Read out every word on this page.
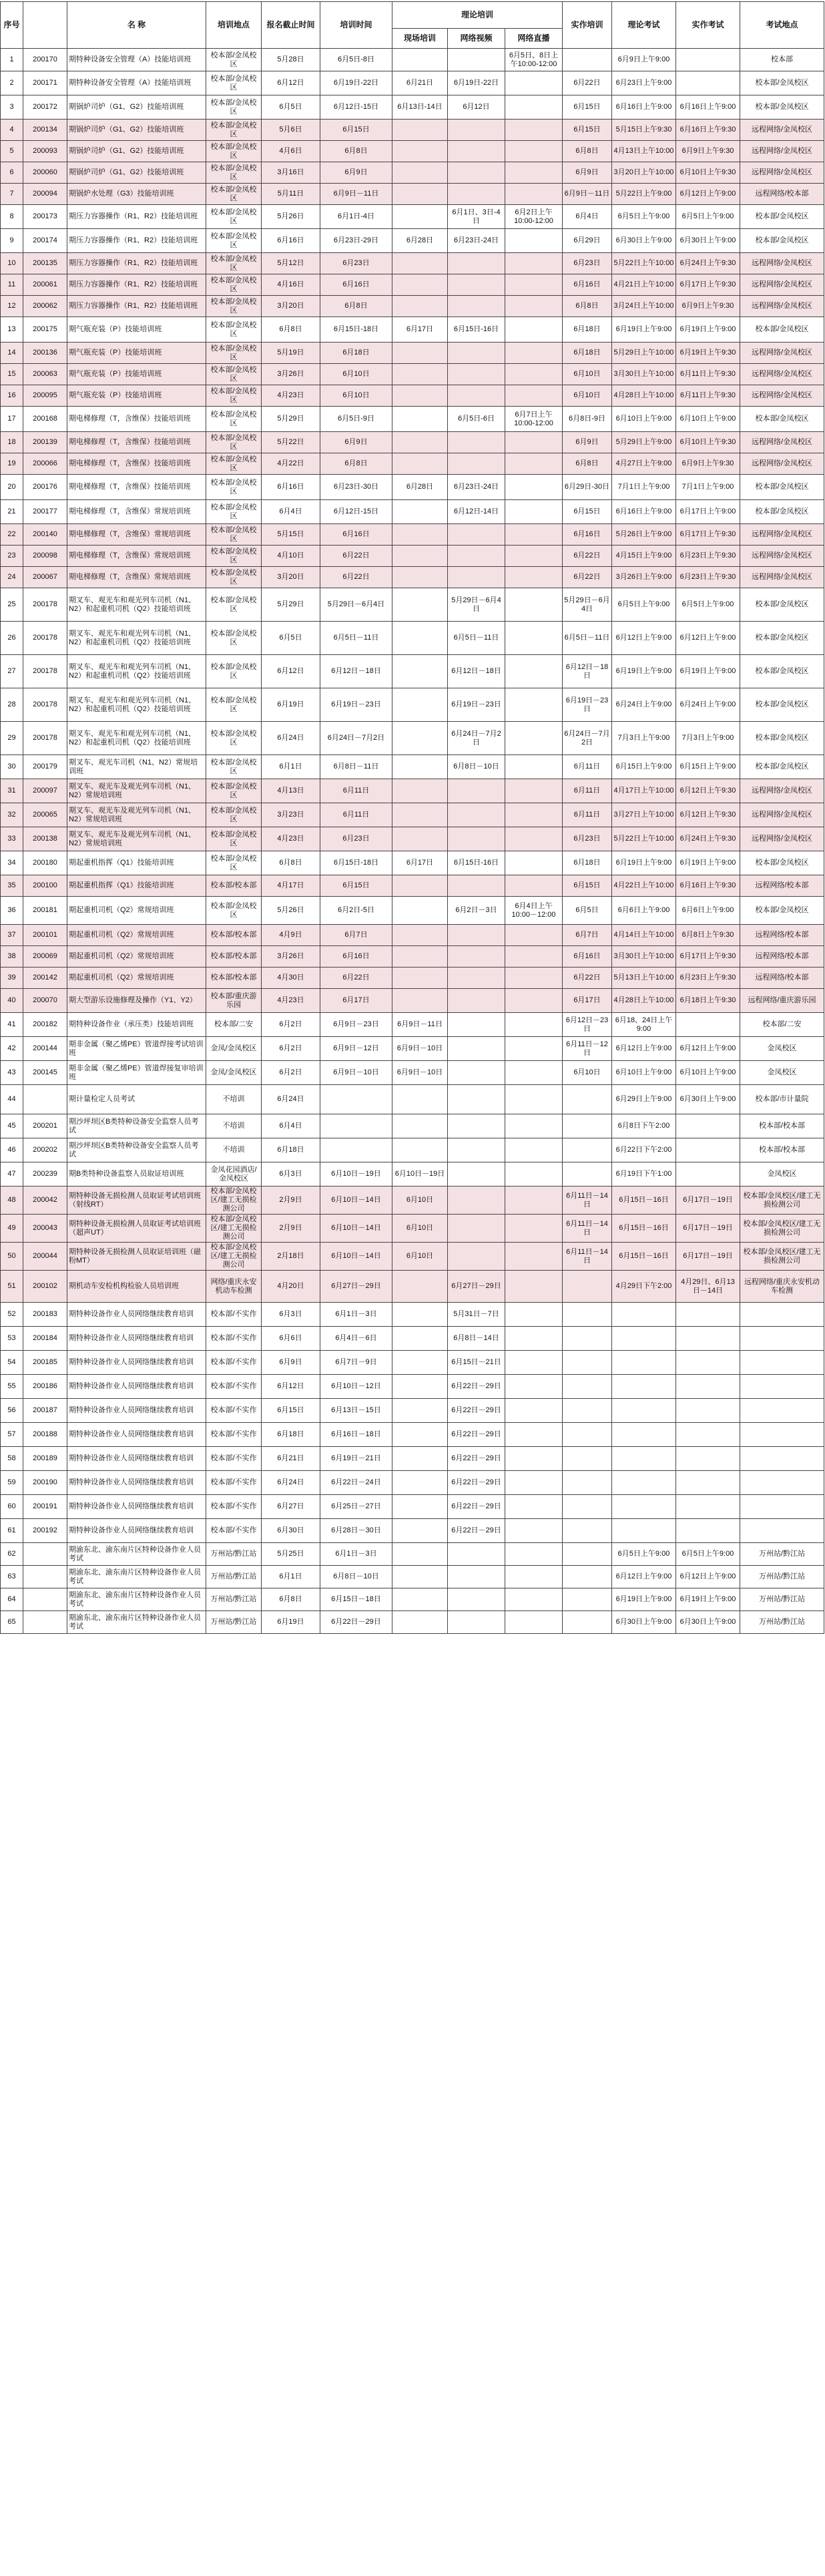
序号		名 称	培训地点	报名截止时间	培训时间	理论培训			实作培训	理论考试	实作考试	考试地点
						现场培训	网络视频	网络直播				
1	200170	期特种设备安全管理（A）技能培训班	校本部/金凤校区	5月28日	6月5日-8日			6月5日、8日上午10:00-12:00		6月9日上午9:00		校本部
2	200171	期特种设备安全管理（A）技能培训班	校本部/金凤校区	6月12日	6月19日-22日	6月21日	6月19日-22日		6月22日	6月23日上午9:00		校本部/金凤校区
3	200172	期锅炉司炉（G1、G2）技能培训班	校本部/金凤校区	6月5日	6月12日-15日	6月13日-14日	6月12日		6月15日	6月16日上午9:00	6月16日上午9:00	校本部/金凤校区
4	200134	期锅炉司炉（G1、G2）技能培训班	校本部/金凤校区	5月6日	6月15日				6月15日	5月15日上午9:30	6月16日上午9:30	远程网络/金凤校区
5	200093	期锅炉司炉（G1、G2）技能培训班	校本部/金凤校区	4月6日	6月8日				6月8日	4月13日上午10:00	6月9日上午9:30	远程网络/金凤校区
6	200060	期锅炉司炉（G1、G2）技能培训班	校本部/金凤校区	3月16日	6月9日				6月9日	3月20日上午10:00	6月10日上午9:30	远程网络/金凤校区
7	200094	期锅炉水处理（G3）技能培训班	校本部/金凤校区	5月11日	6月9日－11日				6月9日－11日	5月22日上午9:00	6月12日上午9:00	远程网络/校本部
8	200173	期压力容器操作（R1、R2）技能培训班	校本部/金凤校区	5月26日	6月1日-4日		6月1日、3日-4日	6月2日上午10:00-12:00	6月4日	6月5日上午9:00	6月5日上午9:00	校本部/金凤校区
9	200174	期压力容器操作（R1、R2）技能培训班	校本部/金凤校区	6月16日	6月23日-29日	6月28日	6月23日-24日		6月29日	6月30日上午9:00	6月30日上午9:00	校本部/金凤校区
10	200135	期压力容器操作（R1、R2）技能培训班	校本部/金凤校区	5月12日	6月23日				6月23日	5月22日上午10:00	6月24日上午9:30	远程网络/金凤校区
11	200061	期压力容器操作（R1、R2）技能培训班	校本部/金凤校区	4月16日	6月16日				6月16日	4月21日上午10:00	6月17日上午9:30	远程网络/金凤校区
12	200062	期压力容器操作（R1、R2）技能培训班	校本部/金凤校区	3月20日	6月8日				6月8日	3月24日上午10:00	6月9日上午9:30	远程网络/金凤校区
13	200175	期气瓶充装（P）技能培训班	校本部/金凤校区	6月8日	6月15日-18日	6月17日	6月15日-16日		6月18日	6月19日上午9:00	6月19日上午9:00	校本部/金凤校区
14	200136	期气瓶充装（P）技能培训班	校本部/金凤校区	5月19日	6月18日				6月18日	5月29日上午10:00	6月19日上午9:30	远程网络/金凤校区
15	200063	期气瓶充装（P）技能培训班	校本部/金凤校区	3月26日	6月10日				6月10日	3月30日上午10:00	6月11日上午9:30	远程网络/金凤校区
16	200095	期气瓶充装（P）技能培训班	校本部/金凤校区	4月23日	6月10日				6月10日	4月28日上午10:00	6月11日上午9:30	远程网络/金凤校区
17	200168	期电梯修理（T，含维保）技能培训班	校本部/金凤校区	5月29日	6月5日-9日		6月5日-6日	6月7日上午10:00-12:00	6月8日-9日	6月10日上午9:00	6月10日上午9:00	校本部/金凤校区
18	200139	期电梯修理（T，含维保）技能培训班	校本部/金凤校区	5月22日	6月9日				6月9日	5月29日上午9:00	6月10日上午9:30	远程网络/金凤校区
19	200066	期电梯修理（T，含维保）技能培训班	校本部/金凤校区	4月22日	6月8日				6月8日	4月27日上午9:00	6月9日上午9:30	远程网络/金凤校区
20	200176	期电梯修理（T，含维保）技能培训班	校本部/金凤校区	6月16日	6月23日-30日	6月28日	6月23日-24日		6月29日-30日	7月1日上午9:00	7月1日上午9:00	校本部/金凤校区
21	200177	期电梯修理（T，含维保）常规培训班	校本部/金凤校区	6月4日	6月12日-15日		6月12日-14日		6月15日	6月16日上午9:00	6月17日上午9:00	校本部/金凤校区
22	200140	期电梯修理（T，含维保）常规培训班	校本部/金凤校区	5月15日	6月16日				6月16日	5月26日上午9:00	6月17日上午9:30	远程网络/金凤校区
23	200098	期电梯修理（T，含维保）常规培训班	校本部/金凤校区	4月10日	6月22日				6月22日	4月15日上午9:00	6月23日上午9:30	远程网络/金凤校区
24	200067	期电梯修理（T，含维保）常规培训班	校本部/金凤校区	3月20日	6月22日				6月22日	3月26日上午9:00	6月23日上午9:30	远程网络/金凤校区
25	200178	期叉车、观光车和观光列车司机（N1、N2）和起重机司机（Q2）技能培训班	校本部/金凤校区	5月29日	5月29日－6月4日		5月29日－6月4日		5月29日－6月4日	6月5日上午9:00	6月5日上午9:00	校本部/金凤校区
26	200178	期叉车、观光车和观光列车司机（N1、N2）和起重机司机（Q2）技能培训班	校本部/金凤校区	6月5日	6月5日－11日		6月5日－11日		6月5日－11日	6月12日上午9:00	6月12日上午9:00	校本部/金凤校区
27	200178	期叉车、观光车和观光列车司机（N1、N2）和起重机司机（Q2）技能培训班	校本部/金凤校区	6月12日	6月12日－18日		6月12日－18日		6月12日－18日	6月19日上午9:00	6月19日上午9:00	校本部/金凤校区
28	200178	期叉车、观光车和观光列车司机（N1、N2）和起重机司机（Q2）技能培训班	校本部/金凤校区	6月19日	6月19日－23日		6月19日－23日		6月19日－23日	6月24日上午9:00	6月24日上午9:00	校本部/金凤校区
29	200178	期叉车、观光车和观光列车司机（N1、N2）和起重机司机（Q2）技能培训班	校本部/金凤校区	6月24日	6月24日－7月2日		6月24日－7月2日		6月24日－7月2日	7月3日上午9:00	7月3日上午9:00	校本部/金凤校区
30	200179	期叉车、观光车司机（N1、N2）常规培训班	校本部/金凤校区	6月1日	6月8日－11日		6月8日－10日		6月11日	6月15日上午9:00	6月15日上午9:00	校本部/金凤校区
31	200097	期叉车、观光车及观光列车司机（N1、N2）常规培训班	校本部/金凤校区	4月13日	6月11日				6月11日	4月17日上午10:00	6月12日上午9:30	远程网络/金凤校区
32	200065	期叉车、观光车及观光列车司机（N1、N2）常规培训班	校本部/金凤校区	3月23日	6月11日				6月11日	3月27日上午10:00	6月12日上午9:30	远程网络/金凤校区
33	200138	期叉车、观光车及观光列车司机（N1、N2）常规培训班	校本部/金凤校区	4月23日	6月23日				6月23日	5月22日上午10:00	6月24日上午9:30	远程网络/金凤校区
34	200180	期起重机指挥（Q1）技能培训班	校本部/金凤校区	6月8日	6月15日-18日	6月17日	6月15日-16日		6月18日	6月19日上午9:00	6月19日上午9:00	校本部/金凤校区
35	200100	期起重机指挥（Q1）技能培训班	校本部/校本部	4月17日	6月15日				6月15日	4月22日上午10:00	6月16日上午9:30	远程网络/校本部
36	200181	期起重机司机（Q2）常规培训班	校本部/金凤校区	5月26日	6月2日-5日		6月2日－3日	6月4日上午10:00－12:00	6月5日	6月6日上午9:00	6月6日上午9:00	校本部/金凤校区
37	200101	期起重机司机（Q2）常规培训班	校本部/校本部	4月9日	6月7日				6月7日	4月14日上午10:00	6月8日上午9:30	远程网络/校本部
38	200069	期起重机司机（Q2）常规培训班	校本部/校本部	3月26日	6月16日				6月16日	3月30日上午10:00	6月17日上午9:30	远程网络/校本部
39	200142	期起重机司机（Q2）常规培训班	校本部/校本部	4月30日	6月22日				6月22日	5月13日上午10:00	6月23日上午9:30	远程网络/校本部
40	200070	期大型游乐设施修理及操作（Y1、Y2）	校本部/重庆游乐园	4月23日	6月17日				6月17日	4月28日上午10:00	6月18日上午9:30	远程网络/重庆游乐园
41	200182	期特种设备作业（承压类）技能培训班	校本部/二安	6月2日	6月9日－23日	6月9日－11日			6月12日－23日	6月18、24日上午9:00		校本部/二安
42	200144	期非金属（聚乙烯PE）管道焊接考试培训班	金凤/金凤校区	6月2日	6月9日－12日	6月9日－10日			6月11日－12日	6月12日上午9:00	6月12日上午9:00	金凤校区
43	200145	期非金属（聚乙烯PE）管道焊接复审培训班	金凤/金凤校区	6月2日	6月9日－10日	6月9日－10日			6月10日	6月10日上午9:00	6月10日上午9:00	金凤校区
44		期计量检定人员考试	不培训	6月24日						6月29日上午9:00	6月30日上午9:00	校本部/市计量院
45	200201	期沙坪坝区B类特种设备安全监察人员考试	不培训	6月4日						6月8日下午2:00		校本部/校本部
46	200202	期沙坪坝区B类特种设备安全监察人员考试	不培训	6月18日						6月22日下午2:00		校本部/校本部
47	200239	期B类特种设备监察人员取证培训班	金凤花园酒店/金凤校区	6月3日	6月10日－19日	6月10日－19日				6月19日下午1:00		金凤校区
48	200042	期特种设备无损检测人员取证考试培训班（射线RT）	校本部/金凤校区/建工无损检测公司	2月9日	6月10日－14日	6月10日			6月11日－14日	6月15日－16日	6月17日－19日	校本部/金凤校区/建工无损检测公司
49	200043	期特种设备无损检测人员取证考试培训班（超声UT）	校本部/金凤校区/建工无损检测公司	2月9日	6月10日－14日	6月10日			6月11日－14日	6月15日－16日	6月17日－19日	校本部/金凤校区/建工无损检测公司
50	200044	期特种设备无损检测人员取证培训班（磁粉MT）	校本部/金凤校区/建工无损检测公司	2月18日	6月10日－14日	6月10日			6月11日－14日	6月15日－16日	6月17日－19日	校本部/金凤校区/建工无损检测公司
51	200102	期机动车安检机构检验人员培训班	网络/重庆永安机动车检测	4月20日	6月27日－29日		6月27日－29日			4月29日下午2:00	4月29日、6月13日－14日	远程网络/重庆永安机动车检测
52	200183	期特种设备作业人员网络继续教育培训	校本部/不实作	6月3日	6月1日－3日		5月31日－7日					
53	200184	期特种设备作业人员网络继续教育培训	校本部/不实作	6月6日	6月4日－6日		6月8日－14日					
54	200185	期特种设备作业人员网络继续教育培训	校本部/不实作	6月9日	6月7日－9日		6月15日－21日					
55	200186	期特种设备作业人员网络继续教育培训	校本部/不实作	6月12日	6月10日－12日		6月22日－29日					
56	200187	期特种设备作业人员网络继续教育培训	校本部/不实作	6月15日	6月13日－15日		6月22日－29日					
57	200188	期特种设备作业人员网络继续教育培训	校本部/不实作	6月18日	6月16日－18日		6月22日－29日					
58	200189	期特种设备作业人员网络继续教育培训	校本部/不实作	6月21日	6月19日－21日		6月22日－29日					
59	200190	期特种设备作业人员网络继续教育培训	校本部/不实作	6月24日	6月22日－24日		6月22日－29日					
60	200191	期特种设备作业人员网络继续教育培训	校本部/不实作	6月27日	6月25日－27日		6月22日－29日					
61	200192	期特种设备作业人员网络继续教育培训	校本部/不实作	6月30日	6月28日－30日		6月22日－29日					
62		期渝东北、渝东南片区特种设备作业人员考试	万州站/黔江站	5月25日	6月1日－3日					6月5日上午9:00	6月5日上午9:00	万州站/黔江站
63		期渝东北、渝东南片区特种设备作业人员考试	万州站/黔江站	6月1日	6月8日－10日					6月12日上午9:00	6月12日上午9:00	万州站/黔江站
64		期渝东北、渝东南片区特种设备作业人员考试	万州站/黔江站	6月8日	6月15日－18日					6月19日上午9:00	6月19日上午9:00	万州站/黔江站
65		期渝东北、渝东南片区特种设备作业人员考试	万州站/黔江站	6月19日	6月22日－29日					6月30日上午9:00	6月30日上午9:00	万州站/黔江站
